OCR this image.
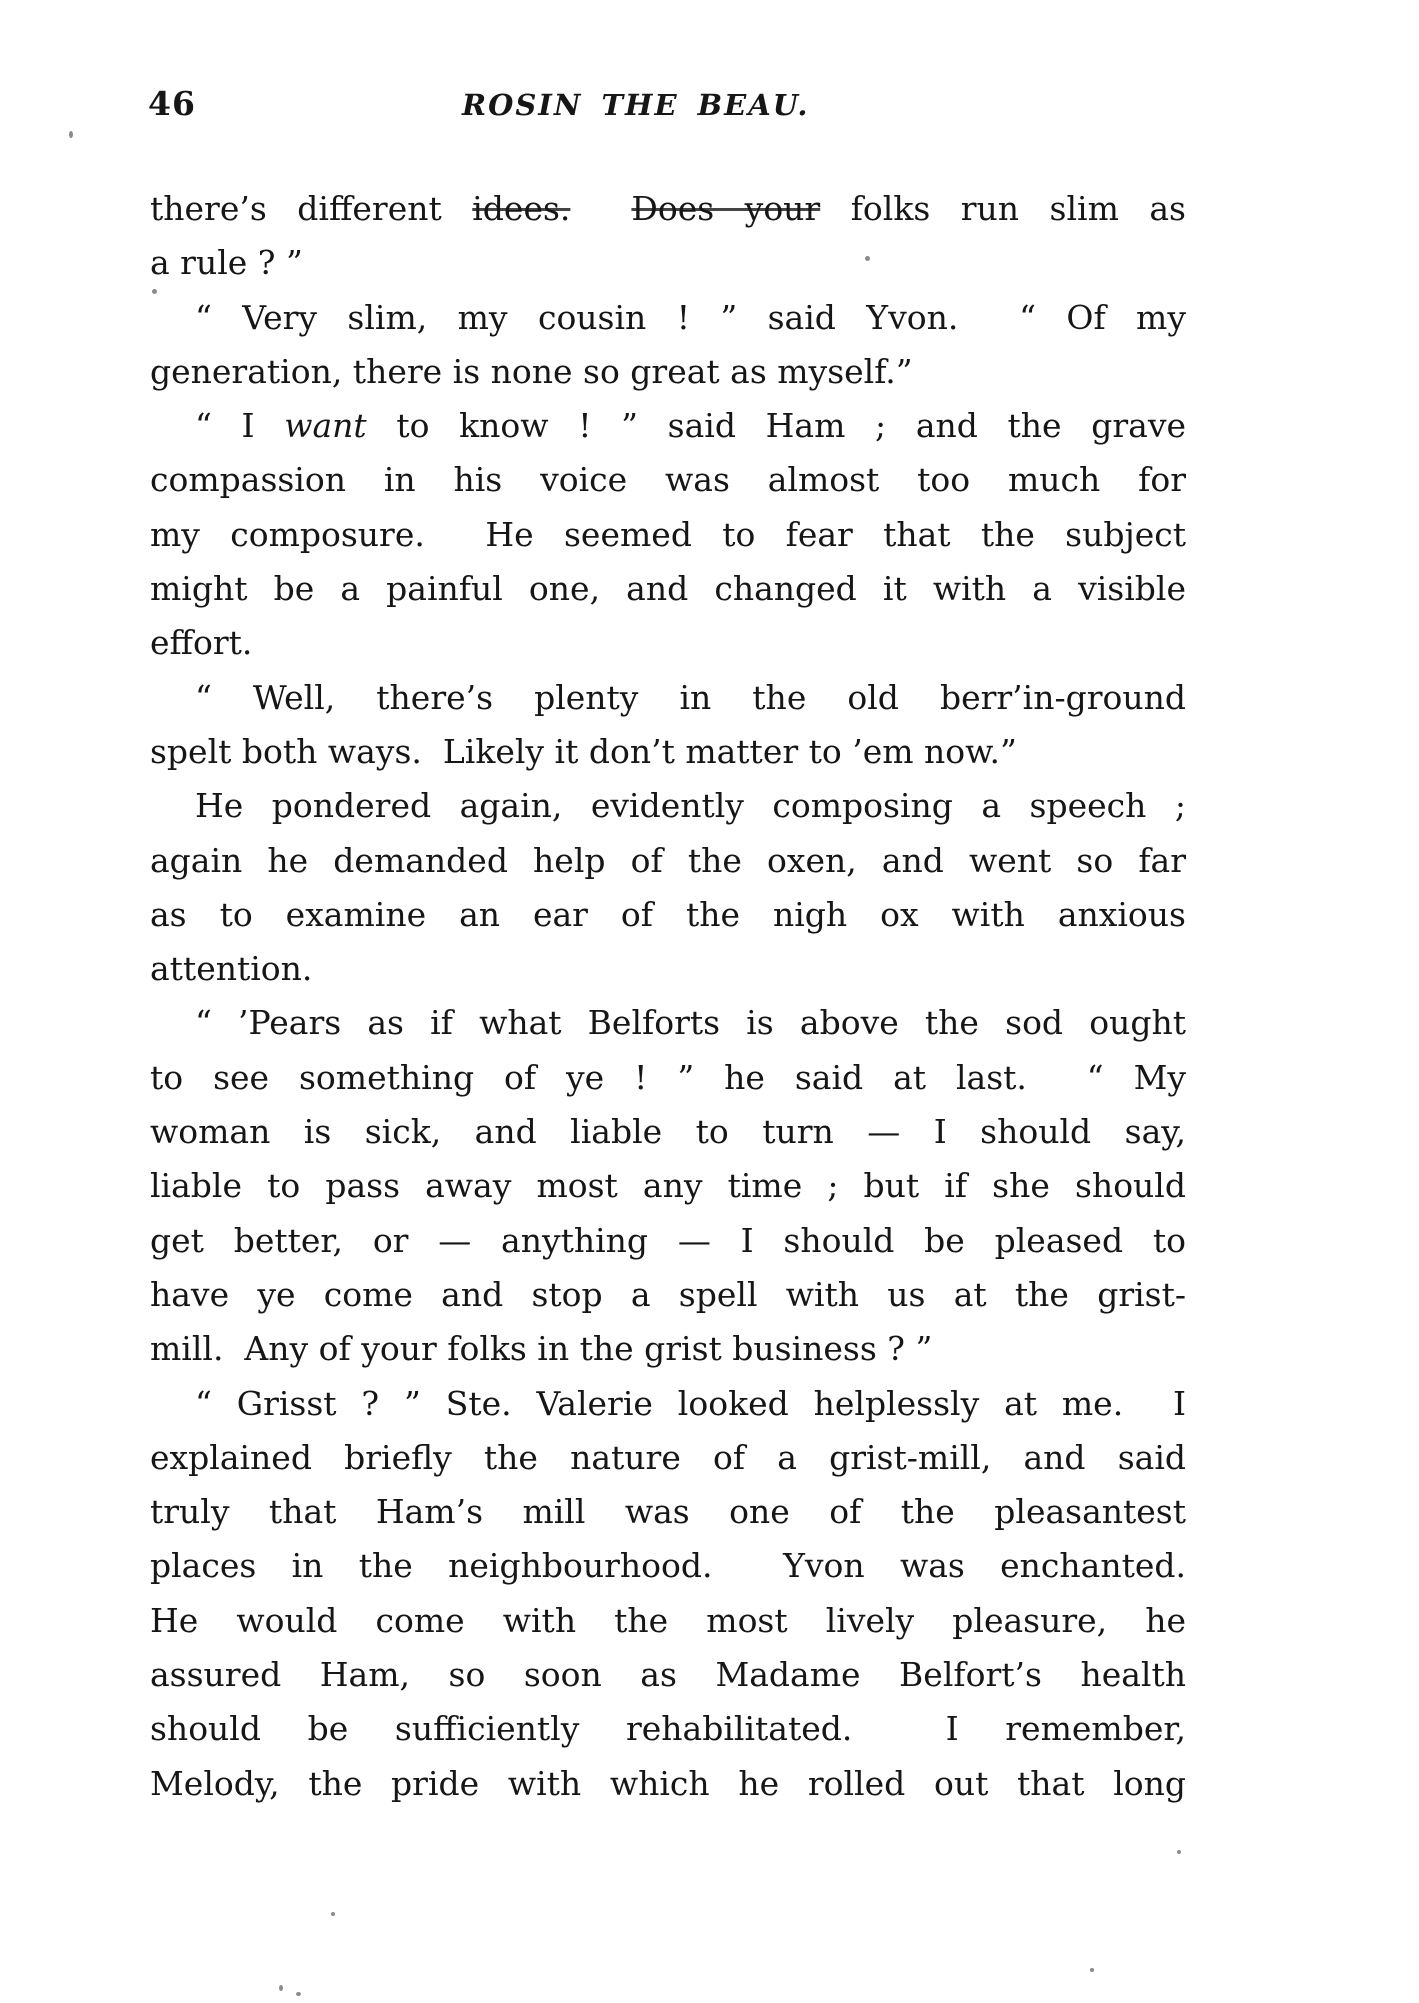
46	ROSIN THE BEAU.
there’s different idees. Does your folks run slim as
a rule ? ”
“ Very slim, my cousin ! ” said Yvon.  “ Of my
generation, there is none so great as myself.”
“ I want to know ! ” said Ham ; and the grave
compassion in his voice was almost too much for
my composure.  He seemed to fear that the subject
might be a painful one, and changed it with a visible
effort.
“ Well, there’s plenty in the old berr’in-ground
spelt both ways.  Likely it don’t matter to ’em now.”
He pondered again, evidently composing a speech ;
again he demanded help of the oxen, and went so far
as to examine an ear of the nigh ox with anxious
attention.
“ ’Pears as if what Belforts is above the sod ought
to see something of ye ! ” he said at last.  “ My
woman is sick, and liable to turn — I should say,
liable to pass away most any time ; but if she should
get better, or — anything — I should be pleased to
have ye come and stop a spell with us at the grist-
mill.  Any of your folks in the grist business ? ”
“ Grisst ? ” Ste. Valerie looked helplessly at me.  I
explained briefly the nature of a grist-mill, and said
truly that Ham’s mill was one of the pleasantest
places in the neighbourhood.  Yvon was enchanted.
He would come with the most lively pleasure, he
assured Ham, so soon as Madame Belfort’s health
should be sufficiently rehabilitated.  I remember,
Melody, the pride with which he rolled out that long
